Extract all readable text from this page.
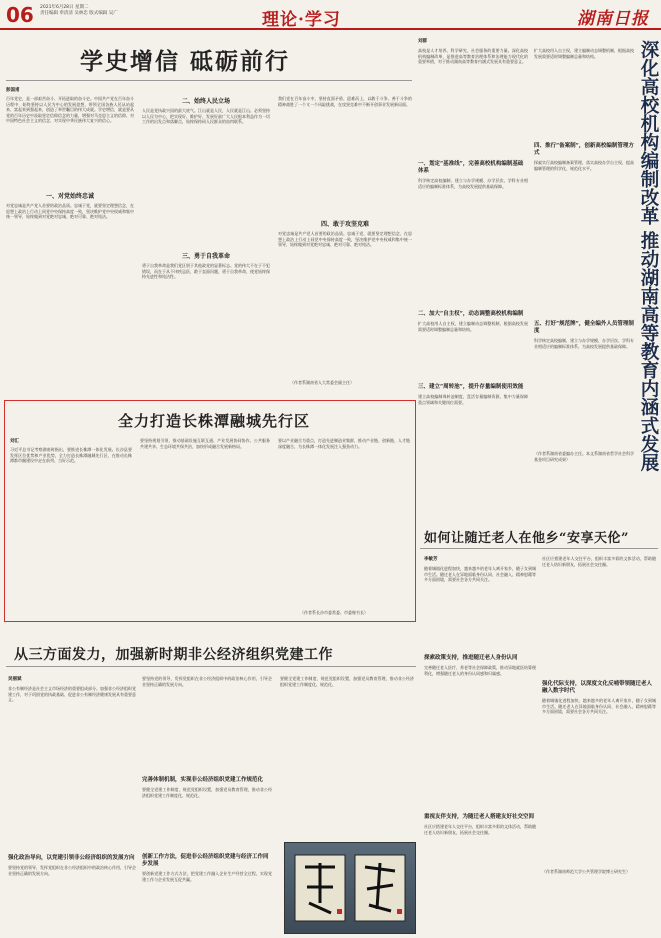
06 2021年6月28日 星期二
责任编辑 奉清清 吴林忠 版式编辑 吴广	理论·学习	湖南日报
学史增信 砥砺前行
彭国甫
百年党史，是一部艰苦奋斗、开拓进取的奋斗史。中国共产党在百年奋斗历程中，始终坚持以人民为中心的发展思想，带领全国各族人民从站起来、富起来到强起来，创造了举世瞩目的伟大成就。学史增信，就是要从党的百年历史中汲取坚定信仰信念的力量，增强对马克思主义的信仰、对中国特色社会主义的信念、对实现中华民族伟大复兴的信心。
一、对党始终忠诚
对党忠诚是共产党人首要的政治品质。忠诚于党，就要坚定理想信念，在思想上政治上行动上同党中央保持高度一致，坚决维护党中央权威和集中统一领导，始终做到对党绝对忠诚、绝对可靠、绝对纯洁。
二、始终人民立场
人民是党执政兴国的最大底气。江山就是人民，人民就是江山。必须坚持以人民为中心，把实现好、维护好、发展好最广大人民根本利益作为一切工作的出发点和落脚点，始终保持同人民群众的血肉联系。
三、勇于自我革命
勇于自我革命是我们党区别于其他政党的显著标志。党的伟大不在于不犯错误，而在于从不讳疾忌医，敢于直面问题，勇于自我革命，使党始终保持先进性和纯洁性。
我们党在百年奋斗中，坚持直面矛盾、迎难而上，以敢于斗争、善于斗争的精神战胜了一个又一个风险挑战，在攻坚克难中不断开创事业发展新局面。
四、敢于攻坚克难
对党忠诚是共产党人首要的政治品质。忠诚于党，就要坚定理想信念，在思想上政治上行动上同党中央保持高度一致，坚决维护党中央权威和集中统一领导，始终做到对党绝对忠诚、绝对可靠、绝对纯洁。
（作者系湖南省人大常委会副主任）
刘群
高校是人才培养、科学研究、社会服务的重要力量。深化高校机构编制改革，是推进高等教育治理体系和治理能力现代化的重要举措，对于推动湖南高等教育内涵式发展具有重要意义。
一、划定“基准线”，完善高校机构编制基础体系
科学核定高校编制，建立与办学规模、办学层次、学科专业相适应的编制标准体系，为高校发展提供基础保障。
二、加大“自主权”，动态调整高校机构编制
扩大高校用人自主权，建立编制动态调整机制，根据高校发展需要适时调整编制总量和结构。
三、建立“周转池”，提升存量编制使用效能
建立高校编制周转池制度，盘活存量编制资源，集中力量保障重点领域和关键岗位需要。
扩大高校用人自主权，建立编制动态调整机制，根据高校发展需要适时调整编制总量和结构。
四、推行“备案制”，创新高校编制管理方式
探索实行高校编制备案管理，落实高校办学自主权，提高编制管理的科学化、规范化水平。
五、打好“规范牌”，健全编外人员管理制度
科学核定高校编制，建立与办学规模、办学层次、学科专业相适应的编制标准体系，为高校发展提供基础保障。
（作者系湖南省委编办主任。本文系湖南省哲学社会科学基金项目研究成果）	深化高校机构编制改革 推动湖南高等教育内涵式发展
全力打造长株潭融城先行区
刘汇
习近平总书记考察湖南时指出，要推进长株潭一体化发展。长沙县要发挥区位优势和产业优势，全力打造长株潭融城先行区，在推动长株潭都市圈建设中走在前列、当好示范。
要坚持规划引领，推动基础设施互联互通、产业发展协同协作、公共服务共建共享、生态环境共保共治，加快形成融合发展新格局。
要以产业融合为重点，打造先进制造业集群，推动产业链、创新链、人才链深度融合，为长株潭一体化发展注入强劲动力。
（作者系长沙市委常委、市委秘书长）
如何让随迁老人在他乡“安享天伦”
李敏芳
随着城镇化进程加快，越来越多的老年人离开家乡，随子女到城市生活。随迁老人在异地面临身份认同、社会融入、精神慰藉等多方面困境，需要社会各方共同关注。
探索政策支持，推进随迁老人身份认同
完善随迁老人医疗、养老等社会保障政策，推动异地就医结算便利化，增强随迁老人的身份认同感和归属感。
重视友伴支持，为随迁老人搭建友好社交空间
社区应搭建老年人交往平台，组织丰富多彩的文体活动，帮助随迁老人结识新朋友，拓展社会交往圈。
社区应搭建老年人交往平台，组织丰富多彩的文体活动，帮助随迁老人结识新朋友，拓展社会交往圈。
强化代际支持，以深度文化反哺带领随迁老人融入数字时代
随着城镇化进程加快，越来越多的老年人离开家乡，随子女到城市生活。随迁老人在异地面临身份认同、社会融入、精神慰藉等多方面困境，需要社会各方共同关注。
（作者系湖南师范大学公共管理学院博士研究生）
从三方面发力，加强新时期非公经济组织党建工作
吴丽斌
非公有制经济是社会主义市场经济的重要组成部分。加强非公经济组织党建工作，对于巩固党的执政基础、促进非公有制经济健康发展具有重要意义。
强化政治导向，以党建引领非公经济组织的发展方向
要坚持党的领导，发挥党组织在非公经济组织中的政治核心作用，引导企业坚持正确的发展方向。
要坚持党的领导，发挥党组织在非公经济组织中的政治核心作用，引导企业坚持正确的发展方向。
完善体制机制，实现非公经济组织党建工作规范化
要健全党建工作制度，规范党组织设置，加强党员教育管理，推动非公经济组织党建工作制度化、规范化。
创新工作方法，促进非公经济组织党建与经济工作同步发展
要创新党建工作方式方法，把党建工作融入企业生产经营全过程，实现党建工作与企业发展互促共赢。
要健全党建工作制度，规范党组织设置，加强党员教育管理，推动非公经济组织党建工作制度化、规范化。
